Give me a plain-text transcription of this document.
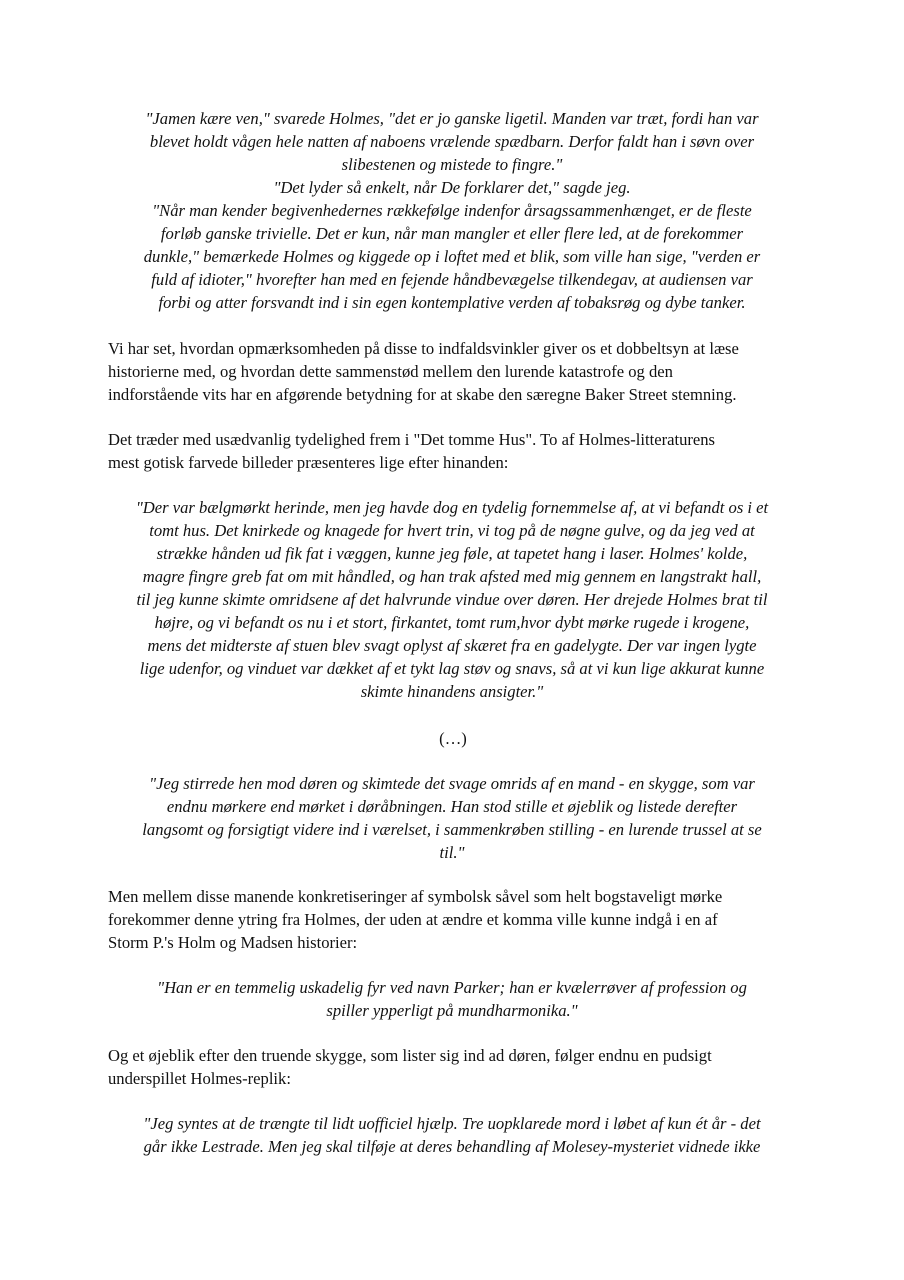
"Jamen kære ven," svarede Holmes, "det er jo ganske ligetil. Manden var træt, fordi han var
blevet holdt vågen hele natten af naboens vrælende spædbarn. Derfor faldt han i søvn over
slibestenen og mistede to fingre."
"Det lyder så enkelt, når De forklarer det," sagde jeg.
"Når man kender begivenhedernes rækkefølge indenfor årsagssammenhænget, er de fleste
forløb ganske trivielle. Det er kun, når man mangler et eller flere led, at de forekommer
dunkle," bemærkede Holmes og kiggede op i loftet med et blik, som ville han sige, "verden er
fuld af idioter," hvorefter han med en fejende håndbevægelse tilkendegav, at audiensen var
forbi og atter forsvandt ind i sin egen kontemplative verden af tobaksrøg og dybe tanker.
Vi har set, hvordan opmærksomheden på disse to indfaldsvinkler giver os et dobbeltsyn at læse
historierne med, og hvordan dette sammenstød mellem den lurende katastrofe og den
indforstående vits har en afgørende betydning for at skabe den særegne Baker Street stemning.
Det træder med usædvanlig tydelighed frem i "Det tomme Hus". To af Holmes-litteraturens
mest gotisk farvede billeder præsenteres lige efter hinanden:
"Der var bælgmørkt herinde, men jeg havde dog en tydelig fornemmelse af, at vi befandt os i et
tomt hus. Det knirkede og knagede for hvert trin, vi tog på de nøgne gulve, og da jeg ved at
strække hånden ud fik fat i væggen, kunne jeg føle, at tapetet hang i laser. Holmes' kolde,
magre fingre greb fat om mit håndled, og han trak afsted med mig gennem en langstrakt hall,
til jeg kunne skimte omridsene af det halvrunde vindue over døren. Her drejede Holmes brat til
højre, og vi befandt os nu i et stort, firkantet, tomt rum,hvor dybt mørke rugede i krogene,
mens det midterste af stuen blev svagt oplyst af skæret fra en gadelygte. Der var ingen lygte
lige udenfor, og vinduet var dækket af et tykt lag støv og snavs, så at vi kun lige akkurat kunne
skimte hinandens ansigter."
(…)
"Jeg stirrede hen mod døren og skimtede det svage omrids af en mand - en skygge, som var
endnu mørkere end mørket i døråbningen. Han stod stille et øjeblik og listede derefter
langsomt og forsigtigt videre ind i værelset, i sammenkrøben stilling - en lurende trussel at se
til."
Men mellem disse manende konkretiseringer af symbolsk såvel som helt bogstaveligt mørke
forekommer denne ytring fra Holmes, der uden at ændre et komma ville kunne indgå i en af
Storm P.'s Holm og Madsen historier:
"Han er en temmelig uskadelig fyr ved navn Parker; han er kvælerrøver af profession og
spiller ypperligt på mundharmonika."
Og et øjeblik efter den truende skygge, som lister sig ind ad døren, følger endnu en pudsigt
underspillet Holmes-replik:
"Jeg syntes at de trængte til lidt uofficiel hjælp. Tre uopklarede mord i løbet af kun ét år - det
går ikke Lestrade. Men jeg skal tilføje at deres behandling af Molesey-mysteriet vidnede ikke
